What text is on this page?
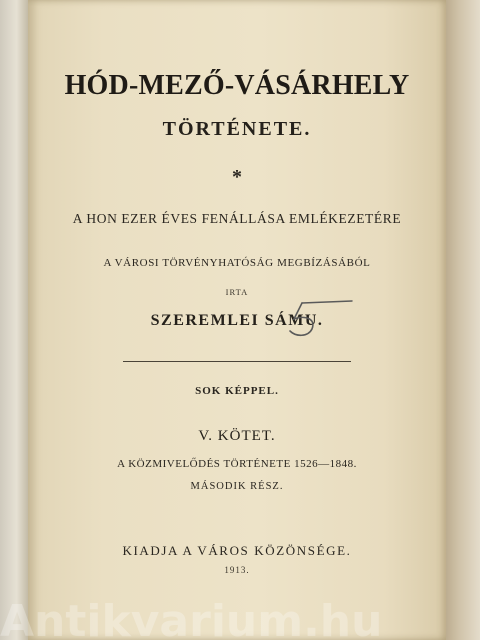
HÓD-MEZŐ-VÁSÁRHELY
TÖRTÉNETE.
*
A HON EZER ÉVES FENÁLLÁSA EMLÉKEZETÉRE
A VÁROSI TÖRVÉNYHATÓSÁG MEGBÍZÁSÁBÓL
IRTA
SZEREMLEI SÁMU.
SOK KÉPPEL.
V. KÖTET.
A KÖZMIVELŐDÉS TÖRTÉNETE 1526—1848.
MÁSODIK RÉSZ.
KIADJA A VÁROS KÖZÖNSÉGE.
1913.
Antikvarium.hu
